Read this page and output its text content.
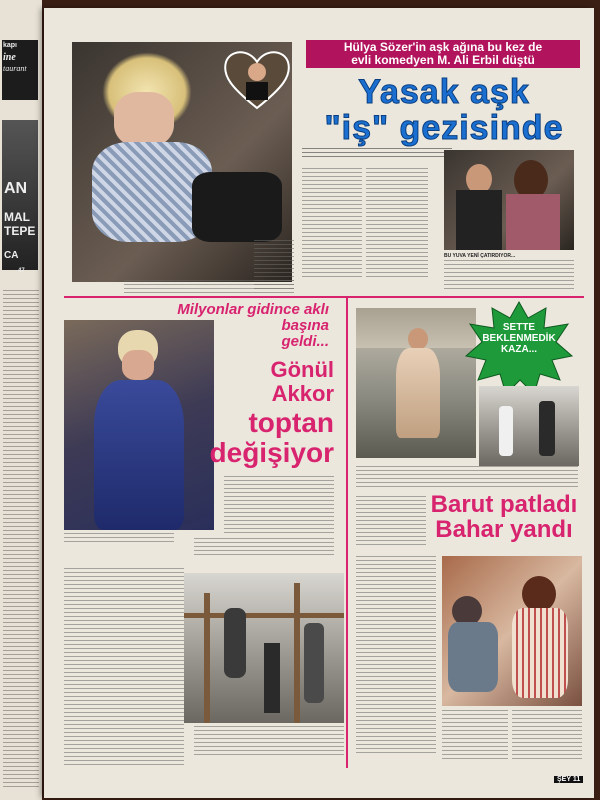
kapı
ine
taurant
AN
MAL
TEPE
CA
47
Hülya Sözer'in aşk ağına bu kez de
evli komedyen M. Ali Erbil düştü
Yasak aşk
"iş" gezisinde
BU YUVA YENİ ÇATIRDIYOR...
Milyonlar gidince aklı
başına
geldi...
Gönül
Akkor
toptan
değişiyor
SETTE
BEKLENMEDİK
KAZA...
Barut patladı
Bahar yandı
ŞEY 11
